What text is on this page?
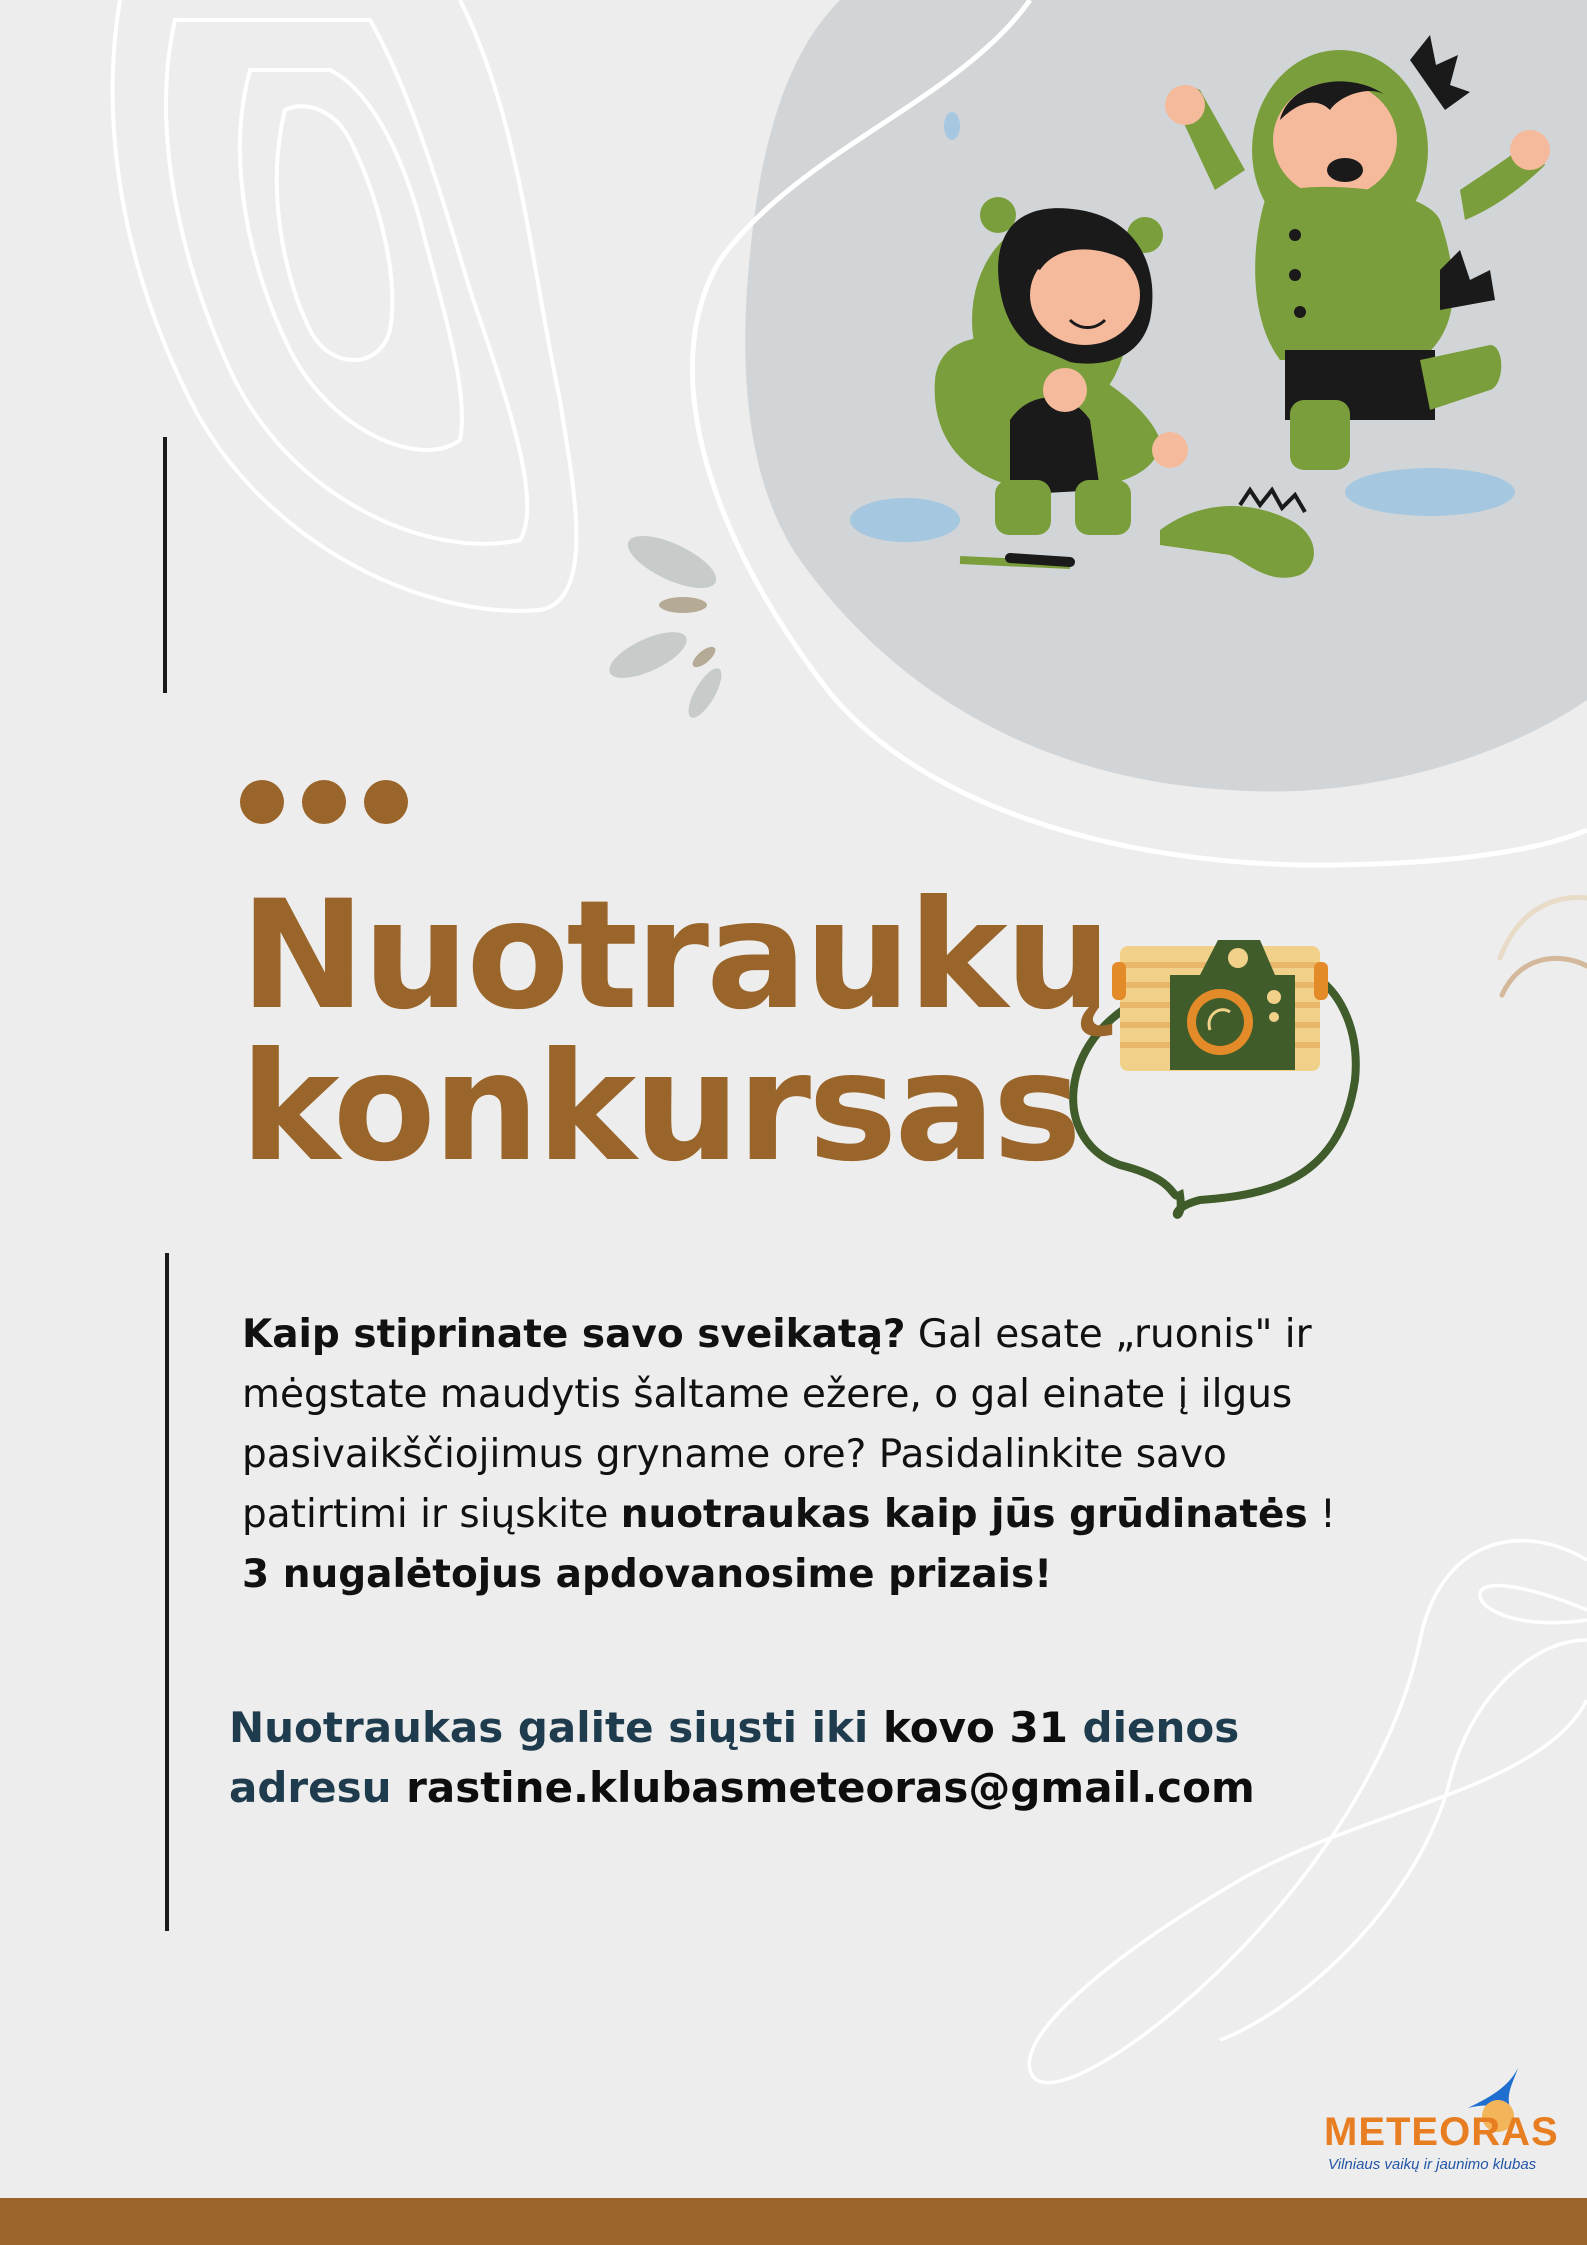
Nuotraukų
konkursas
Kaip stiprinate savo sveikatą? Gal esate „ruonis" ir
mėgstate maudytis šaltame ežere, o gal einate į ilgus
pasivaikščiojimus gryname ore? Pasidalinkite savo
patirtimi ir siųskite nuotraukas kaip jūs grūdinatės !
3 nugalėtojus apdovanosime prizais!
Nuotraukas galite siųsti iki kovo 31 dienos
adresu rastine.klubasmeteoras@gmail.com
METEORAS
Vilniaus vaikų ir jaunimo klubas
